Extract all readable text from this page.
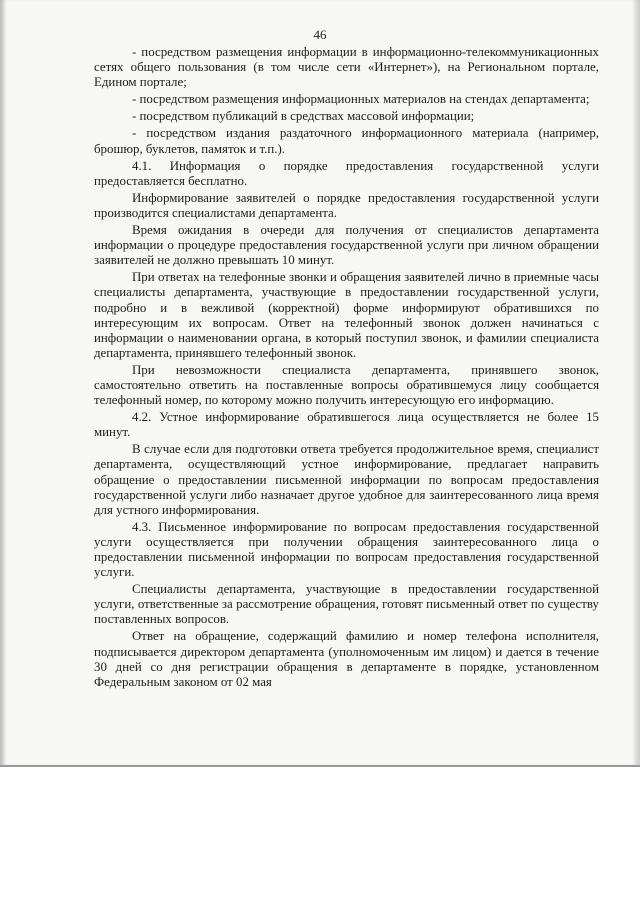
46

- посредством размещения информации в информационно-телекоммуникационных сетях общего пользования (в том числе сети «Интернет»), на Региональном портале, Едином портале;

- посредством размещения информационных материалов на стендах департамента;

- посредством публикаций в средствах массовой информации;

- посредством издания раздаточного информационного материала (например, брошюр, буклетов, памяток и т.п.).

4.1. Информация о порядке предоставления государственной услуги предоставляется бесплатно.

Информирование заявителей о порядке предоставления государственной услуги производится специалистами департамента.

Время ожидания в очереди для получения от специалистов департамента информации о процедуре предоставления государственной услуги при личном обращении заявителей не должно превышать 10 минут.

При ответах на телефонные звонки и обращения заявителей лично в приемные часы специалисты департамента, участвующие в предоставлении государственной услуги, подробно и в вежливой (корректной) форме информируют обратившихся по интересующим их вопросам. Ответ на телефонный звонок должен начинаться с информации о наименовании органа, в который поступил звонок, и фамилии специалиста департамента, принявшего телефонный звонок.

При невозможности специалиста департамента, принявшего звонок, самостоятельно ответить на поставленные вопросы обратившемуся лицу сообщается телефонный номер, по которому можно получить интересующую его информацию.

4.2. Устное информирование обратившегося лица осуществляется не более 15 минут.

В случае если для подготовки ответа требуется продолжительное время, специалист департамента, осуществляющий устное информирование, предлагает направить обращение о предоставлении письменной информации по вопросам предоставления государственной услуги либо назначает другое удобное для заинтересованного лица время для устного информирования.

4.3. Письменное информирование по вопросам предоставления государственной услуги осуществляется при получении обращения заинтересованного лица о предоставлении письменной информации по вопросам предоставления государственной услуги.

Специалисты департамента, участвующие в предоставлении государственной услуги, ответственные за рассмотрение обращения, готовят письменный ответ по существу поставленных вопросов.

Ответ на обращение, содержащий фамилию и номер телефона исполнителя, подписывается директором департамента (уполномоченным им лицом) и дается в течение 30 дней со дня регистрации обращения в департаменте в порядке, установленном Федеральным законом от 02 мая
